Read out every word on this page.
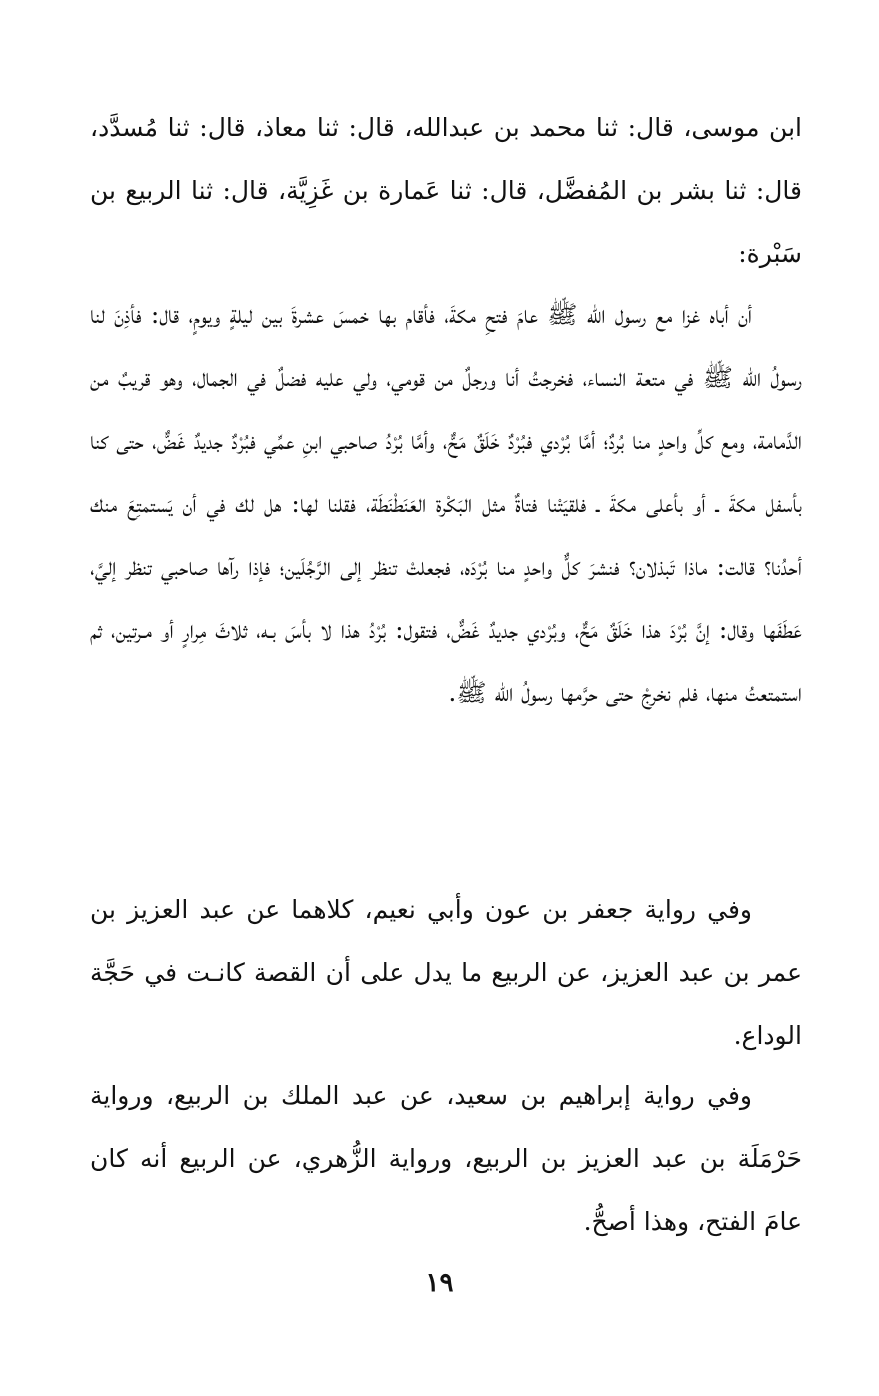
ابن موسى، قال: ثنا محمد بن عبدالله، قال: ثنا معاذ، قال: ثنا مُسدَّد، قال: ثنا بشر بن المُفضَّل، قال: ثنا عَمارة بن غَزِيَّة، قال: ثنا الربيع بن سَبْرة:

أن أباه غزا مع رسول الله ﷺ عامَ فتحِ مكةَ، فأقام بها خمسَ عشرةَ بين ليلةٍ ويومٍ، قال: فأذِنَ لنا رسولُ الله ﷺ في متعة النساء، فخرجتُ أنا ورجلٌ من قومي، ولي عليه فضلٌ في الجمال، وهو قريبٌ من الدَّمامة، ومع كلِّ واحدٍ منا بُردٌ؛ أمَّا بُرْدي فبُرْدٌ خَلَقٌ مَحٌّ، وأمَّا بُرْدُ صاحبي ابنِ عمِّي فبُرْدٌ جديدٌ غَضٌّ، حتى كنا بأسفل مكةَ ـ أو بأعلى مكةَ ـ فلقيَتْنا فتاةٌ مثل البَكْرة العَنَطْنَطَة، فقلنا لها: هل لك في أن يَستمتِعَ منك أحدُنا؟ قالت: ماذا تَبذلان؟ فنشرَ كلٌّ واحدٍ منا بُرْدَه، فجعلتْ تنظر إلى الرَّجُلَين؛ فإذا رآها صاحبي تنظر إليَّ، عَطَفَها وقال: إنَّ بُرْدَ هذا خَلَقٌ مَحٌّ، وبُرْدي جديدٌ غَضٌّ، فتقول: بُرْدُ هذا لا بأسَ بـه، ثلاثَ مِرارٍ أو مـرتين، ثم استمتعتُ منها، فلم نخرجْ حتى حرَّمها رسولُ الله ﷺ.

وفي رواية جعفر بن عون وأبي نعيم، كلاهما عن عبد العزيز بن عمر بن عبد العزيز، عن الربيع ما يدل على أن القصة كانـت في حَجَّة الوداع.

وفي رواية إبراهيم بن سعيد، عن عبد الملك بن الربيع، ورواية حَرْمَلَة بن عبد العزيز بن الربيع، ورواية الزُّهري، عن الربيع أنه كان عامَ الفتح، وهذا أصحُّ.

١٩
